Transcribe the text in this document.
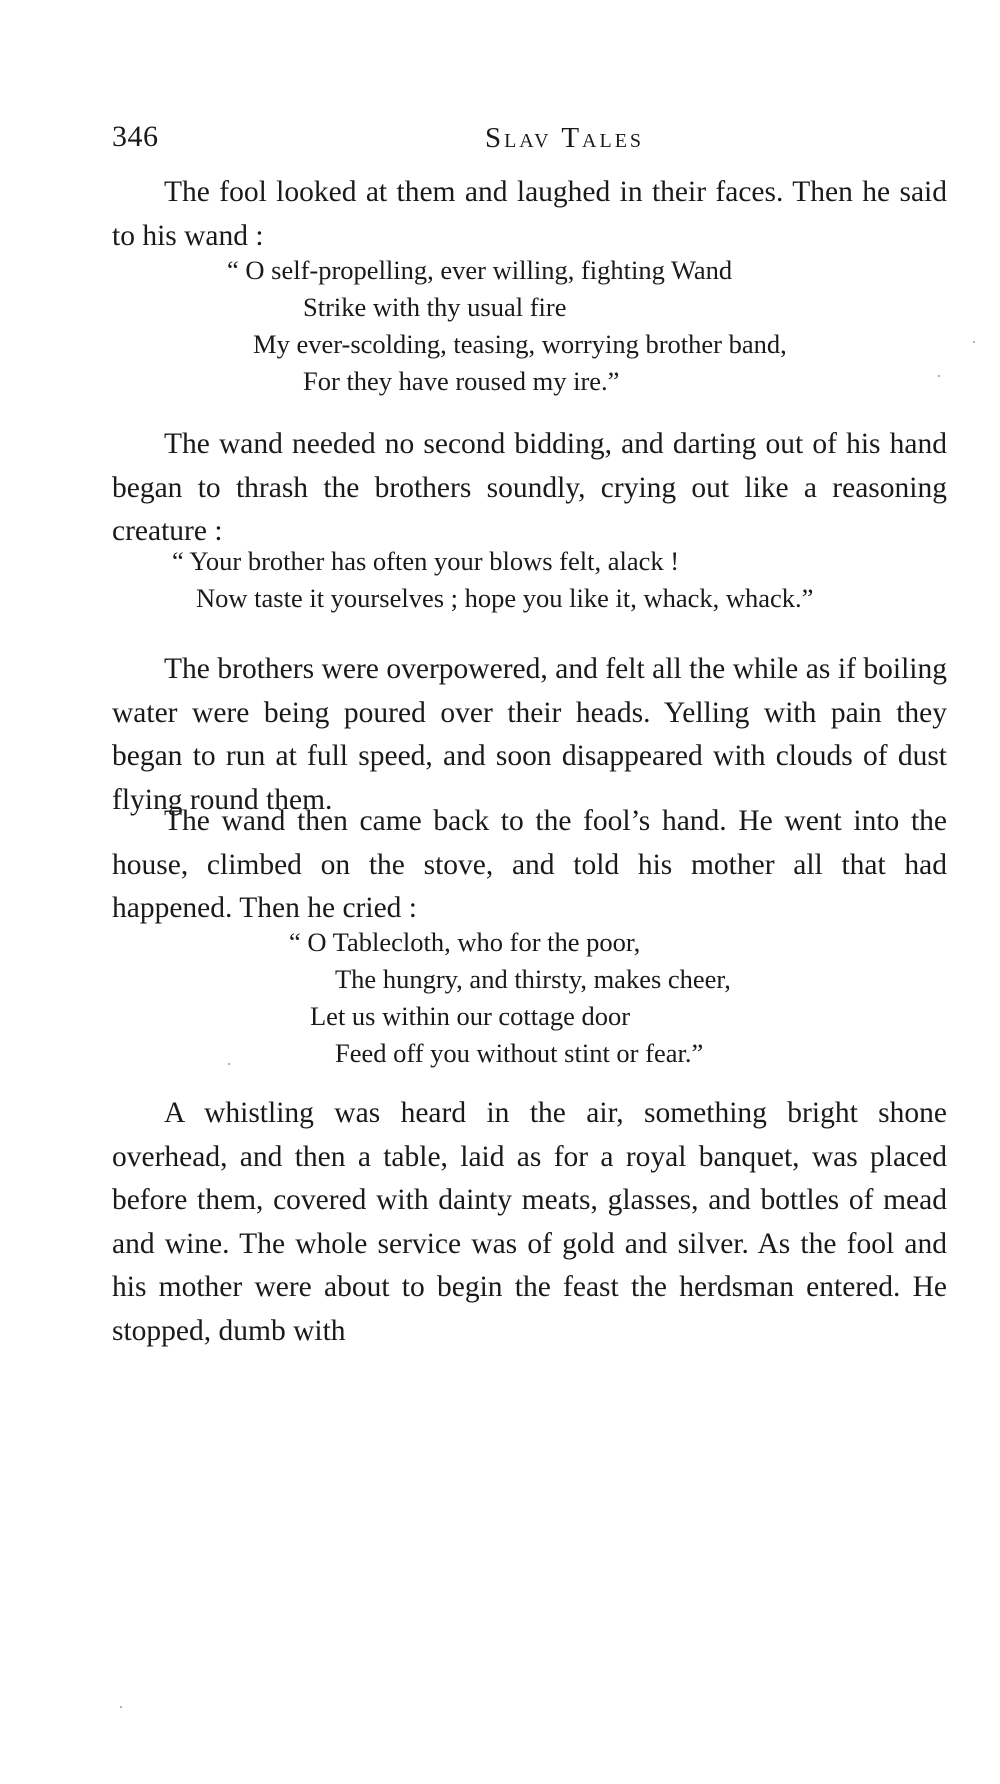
346	Slav Tales

The fool looked at them and laughed in their faces. Then he said to his wand :

“ O self-propelling, ever willing, fighting Wand
Strike with thy usual fire
My ever-scolding, teasing, worrying brother band,
For they have roused my ire.”

The wand needed no second bidding, and darting out of his hand began to thrash the brothers soundly, crying out like a reasoning creature :

“ Your brother has often your blows felt, alack !
Now taste it yourselves ; hope you like it, whack, whack.”

The brothers were overpowered, and felt all the while as if boiling water were being poured over their heads. Yelling with pain they began to run at full speed, and soon disappeared with clouds of dust flying round them.

The wand then came back to the fool’s hand. He went into the house, climbed on the stove, and told his mother all that had happened. Then he cried :

“ O Tablecloth, who for the poor,
The hungry, and thirsty, makes cheer,
Let us within our cottage door
Feed off you without stint or fear.”

A whistling was heard in the air, something bright shone overhead, and then a table, laid as for a royal banquet, was placed before them, covered with dainty meats, glasses, and bottles of mead and wine. The whole service was of gold and silver. As the fool and his mother were about to begin the feast the herdsman entered. He stopped, dumb with
